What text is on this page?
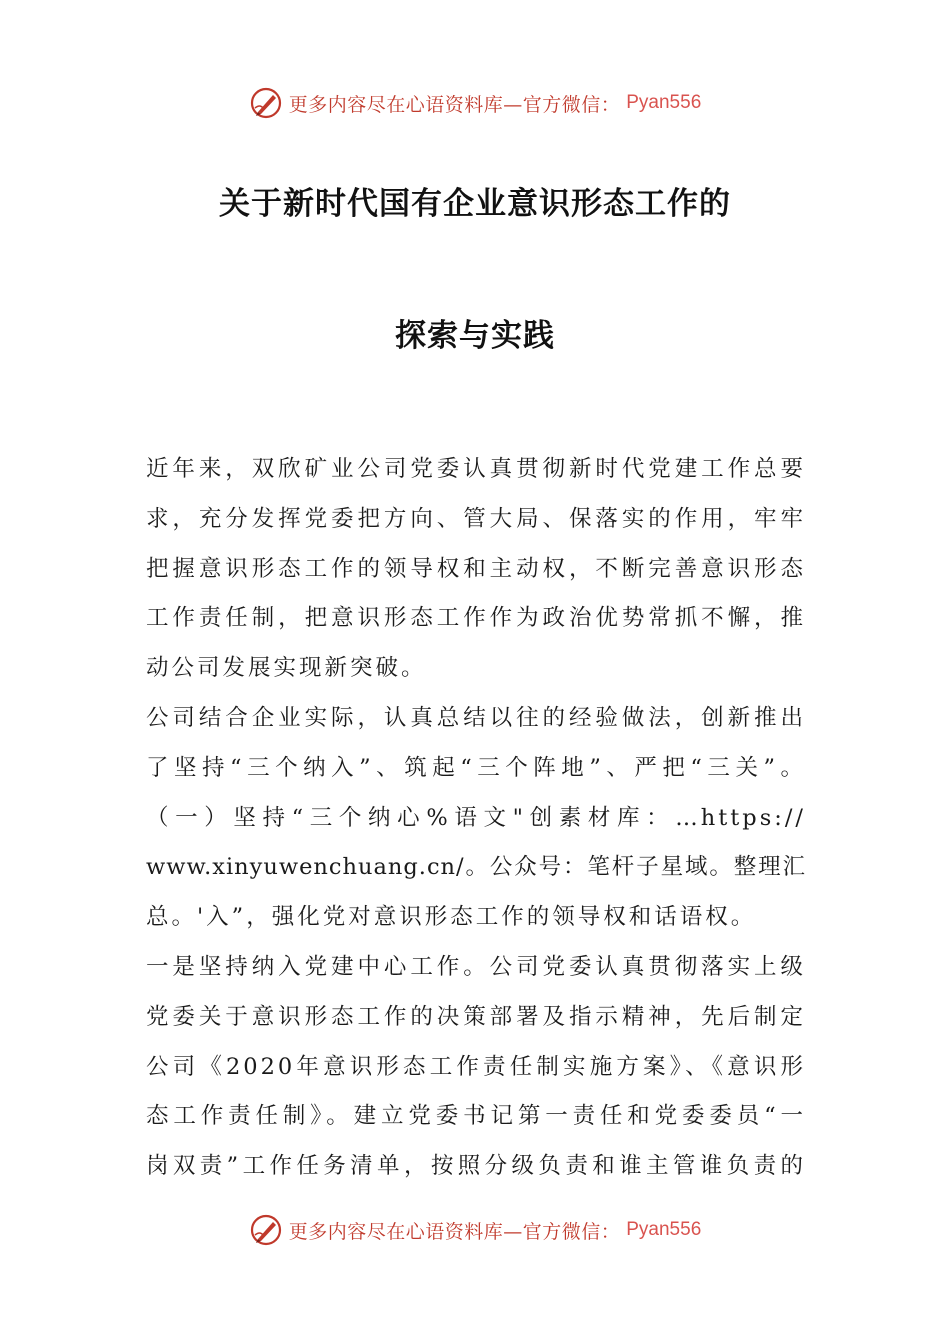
更多内容尽在心语资料库—官方微信： Pyan556
关于新时代国有企业意识形态工作的
探索与实践
近年来，双欣矿业公司党委认真贯彻新时代党建工作总要
求，充分发挥党委把方向、管大局、保落实的作用，牢牢
把握意识形态工作的领导权和主动权，不断完善意识形态
工作责任制，把意识形态工作作为政治优势常抓不懈，推
动公司发展实现新突破。
公司结合企业实际，认真总结以往的经验做法，创新推出
了坚持“三个纳入”、筑起“三个阵地”、严把“三关”。
（一）坚持“三个纳心%语文"创素材库：…https://
www.xinyuwenchuang.cn/。公众号：笔杆子星域。整理汇
总。'入”，强化党对意识形态工作的领导权和话语权。
一是坚持纳入党建中心工作。公司党委认真贯彻落实上级
党委关于意识形态工作的决策部署及指示精神，先后制定
公司《2020年意识形态工作责任制实施方案》、《意识形
态工作责任制》。建立党委书记第一责任和党委委员“一
岗双责”工作任务清单，按照分级负责和谁主管谁负责的
更多内容尽在心语资料库—官方微信： Pyan556
